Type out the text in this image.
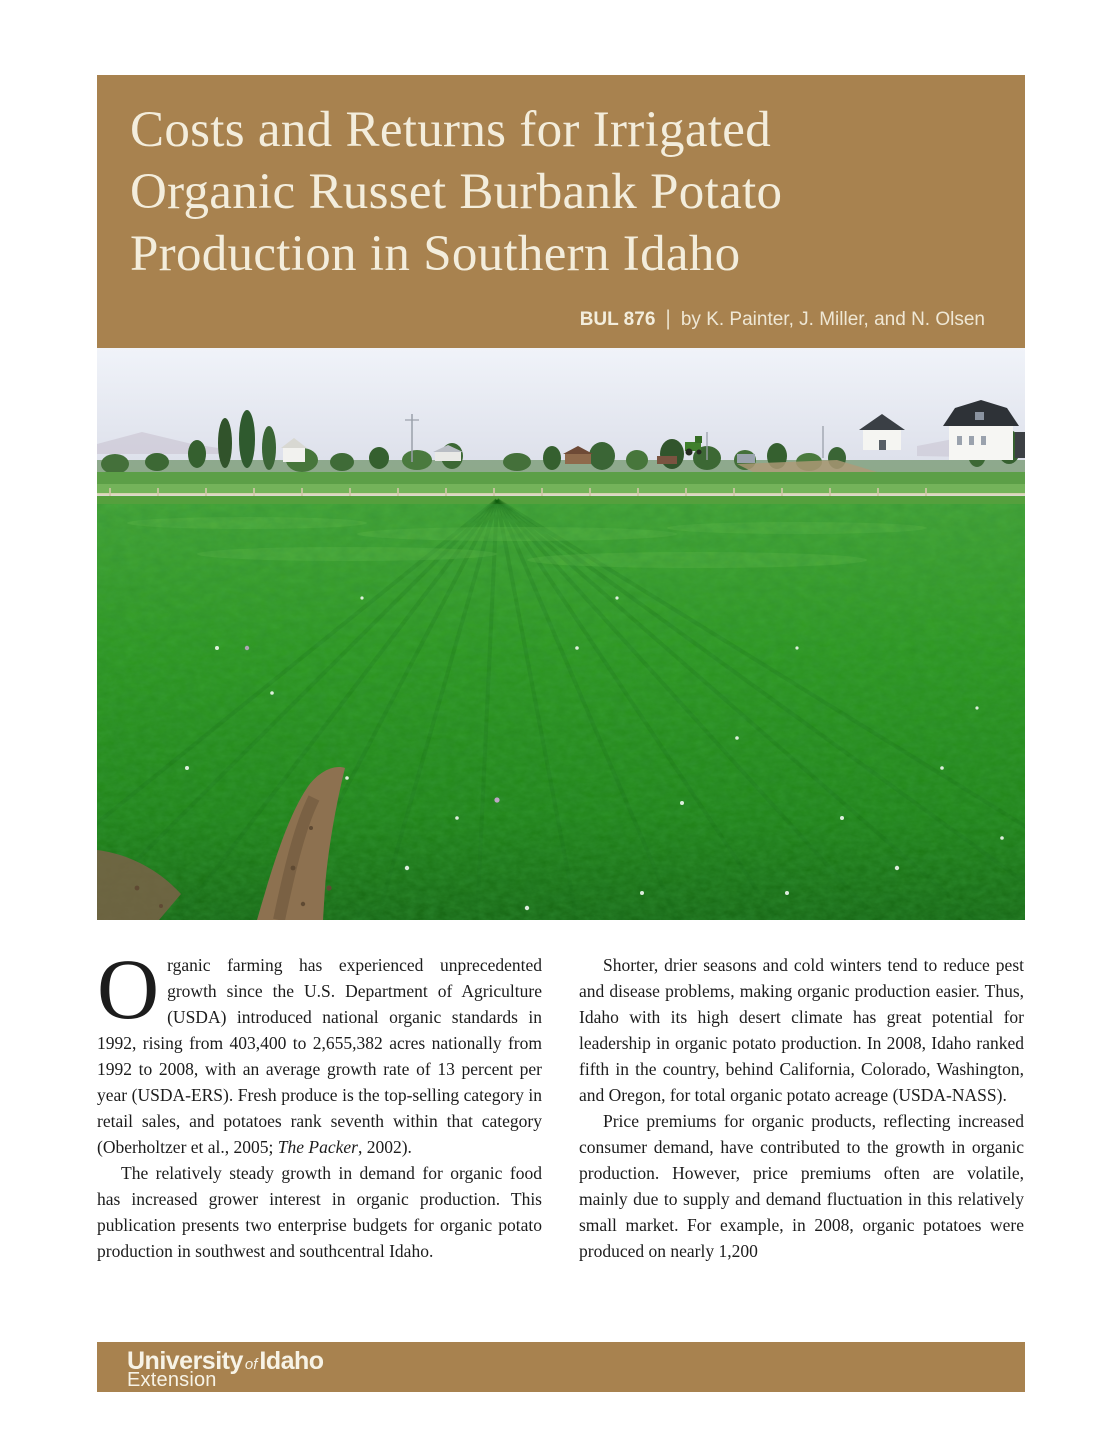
Costs and Returns for Irrigated
Organic Russet Burbank Potato
Production in Southern Idaho
BUL 876 | by K. Painter, J. Miller, and N. Olsen

Organic farming has experienced unprecedented growth since the U.S. Department of Agriculture (USDA) introduced national organic standards in 1992, rising from 403,400 to 2,655,382 acres nationally from 1992 to 2008, with an average growth rate of 13 percent per year (USDA-ERS). Fresh produce is the top-selling category in retail sales, and potatoes rank seventh within that category (Oberholtzer et al., 2005; The Packer, 2002).

The relatively steady growth in demand for organic food has increased grower interest in organic production. This publication presents two enterprise budgets for organic potato production in southwest and southcentral Idaho.

Shorter, drier seasons and cold winters tend to reduce pest and disease problems, making organic production easier. Thus, Idaho with its high desert climate has great potential for leadership in organic potato production. In 2008, Idaho ranked fifth in the country, behind California, Colorado, Washington, and Oregon, for total organic potato acreage (USDA-NASS).

Price premiums for organic products, reflecting increased consumer demand, have contributed to the growth in organic production. However, price premiums often are volatile, mainly due to supply and demand fluctuation in this relatively small market. For example, in 2008, organic potatoes were produced on nearly 1,200

University ofIdaho
Extension
